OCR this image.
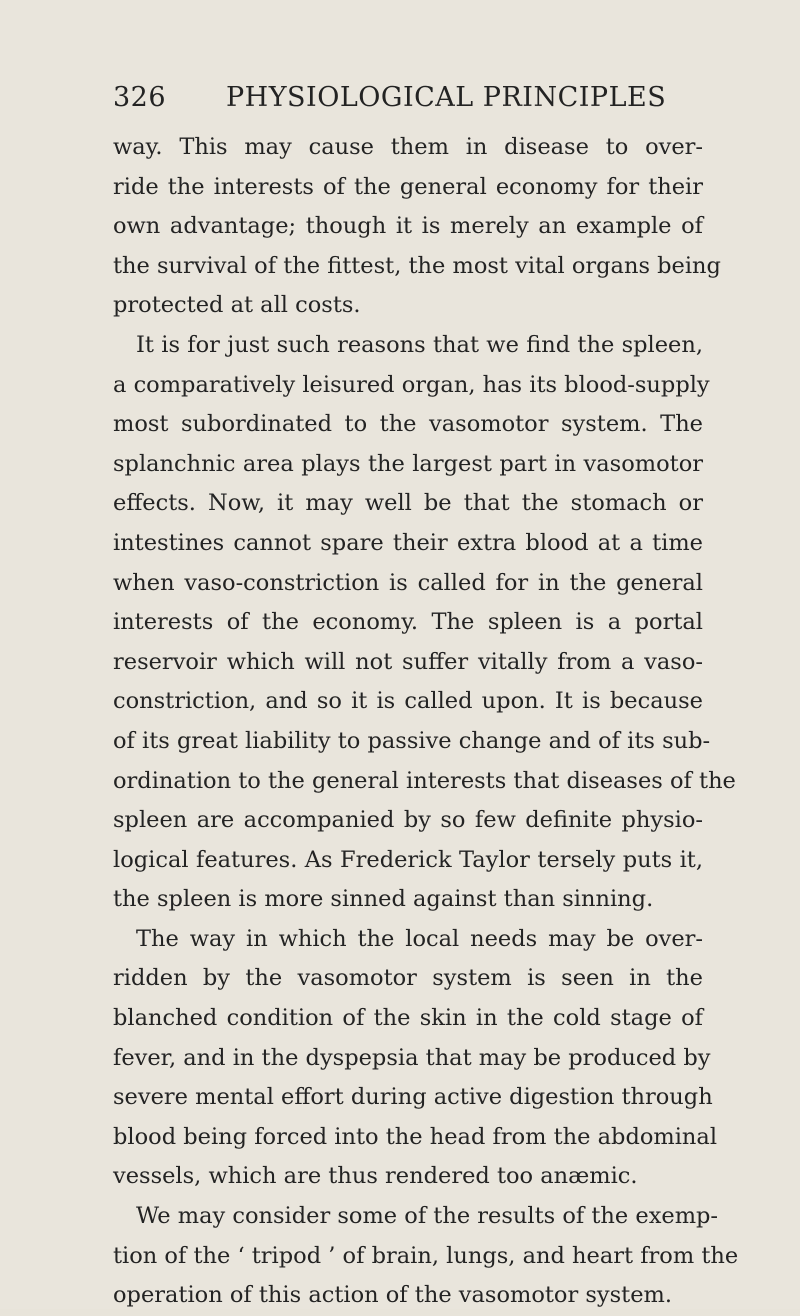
326 PHYSIOLOGICAL PRINCIPLES
way. This may cause them in disease to over-
ride the interests of the general economy for their
own advantage; though it is merely an example of
the survival of the fittest, the most vital organs being
protected at all costs.
It is for just such reasons that we find the spleen,
a comparatively leisured organ, has its blood-supply
most subordinated to the vasomotor system. The
splanchnic area plays the largest part in vasomotor
effects. Now, it may well be that the stomach or
intestines cannot spare their extra blood at a time
when vaso-constriction is called for in the general
interests of the economy. The spleen is a portal
reservoir which will not suffer vitally from a vaso-
constriction, and so it is called upon. It is because
of its great liability to passive change and of its sub-
ordination to the general interests that diseases of the
spleen are accompanied by so few definite physio-
logical features. As Frederick Taylor tersely puts it,
the spleen is more sinned against than sinning.
The way in which the local needs may be over-
ridden by the vasomotor system is seen in the
blanched condition of the skin in the cold stage of
fever, and in the dyspepsia that may be produced by
severe mental effort during active digestion through
blood being forced into the head from the abdominal
vessels, which are thus rendered too anæmic.
We may consider some of the results of the exemp-
tion of the ‘ tripod ’ of brain, lungs, and heart from the
operation of this action of the vasomotor system.
